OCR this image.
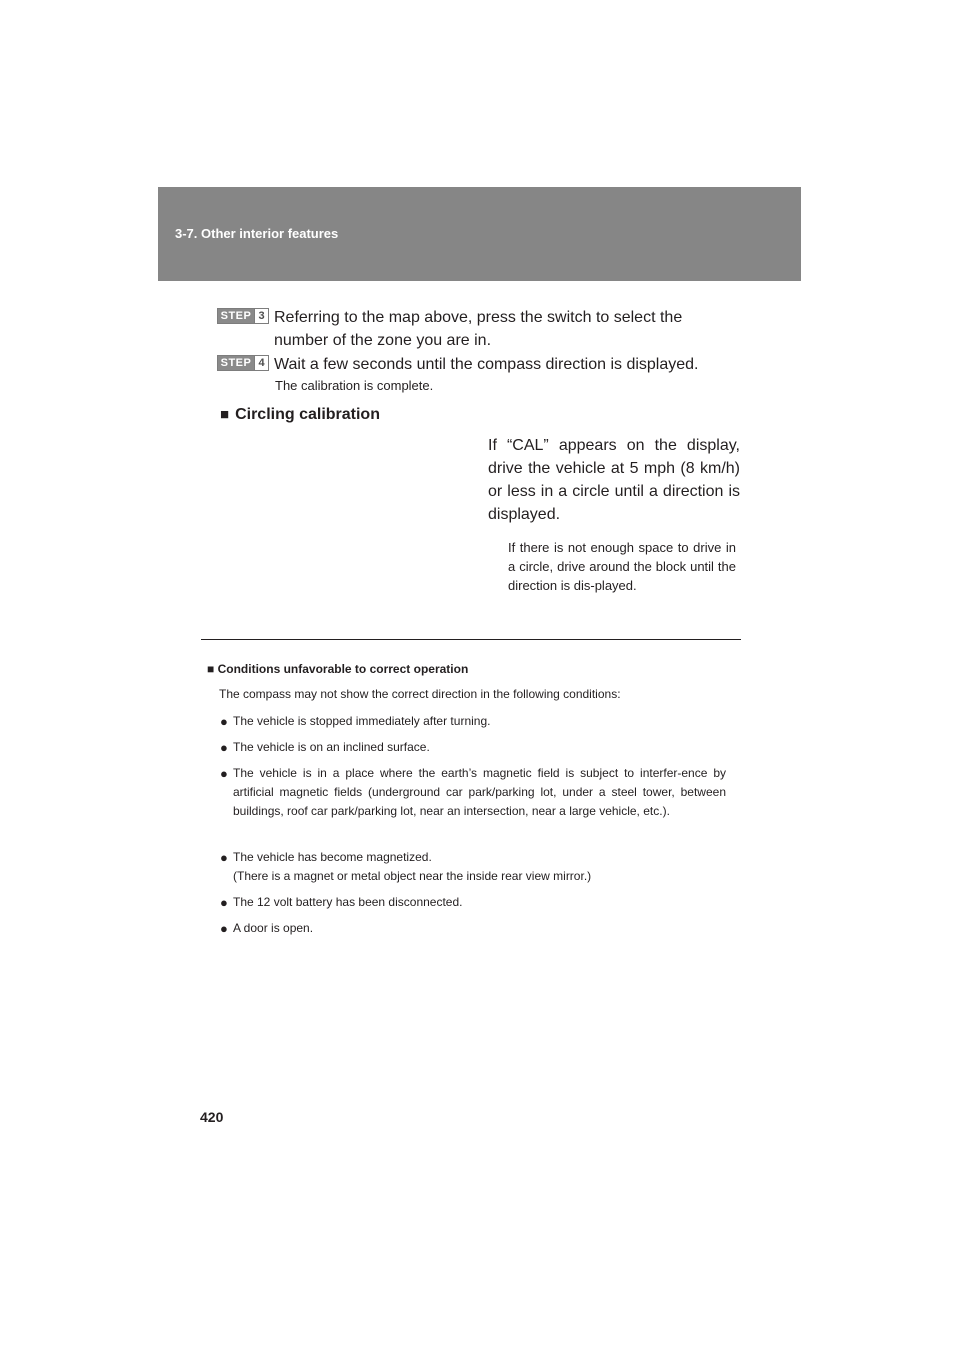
3-7. Other interior features
STEP 3 Referring to the map above, press the switch to select the number of the zone you are in.
STEP 4 Wait a few seconds until the compass direction is displayed.
The calibration is complete.
■ Circling calibration
If “CAL” appears on the display, drive the vehicle at 5 mph (8 km/h) or less in a circle until a direction is displayed.
If there is not enough space to drive in a circle, drive around the block until the direction is dis-played.
■ Conditions unfavorable to correct operation
The compass may not show the correct direction in the following conditions:
● The vehicle is stopped immediately after turning.
● The vehicle is on an inclined surface.
● The vehicle is in a place where the earth’s magnetic field is subject to interfer-ence by artificial magnetic fields (underground car park/parking lot, under a steel tower, between buildings, roof car park/parking lot, near an intersection, near a large vehicle, etc.).
● The vehicle has become magnetized.
(There is a magnet or metal object near the inside rear view mirror.)
● The 12 volt battery has been disconnected.
● A door is open.
420
